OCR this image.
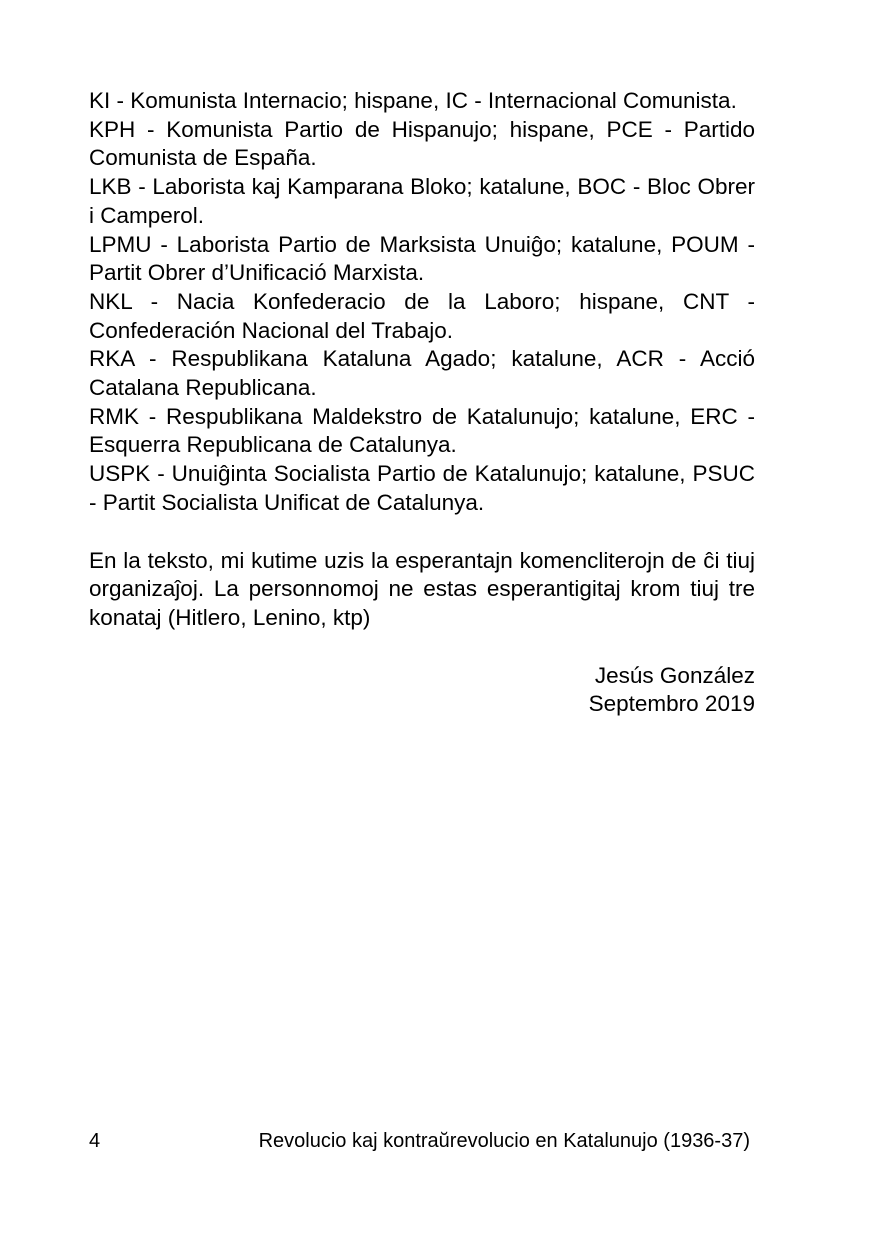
KI - Komunista Internacio; hispane, IC - Internacional Comunista.

KPH - Komunista Partio de Hispanujo; hispane, PCE - Partido Comunista de España.

LKB - Laborista kaj Kamparana Bloko; katalune, BOC - Bloc Obrer i Camperol.

LPMU - Laborista Partio de Marksista Unuiĝo; katalune, POUM - Partit Obrer d’Unificació Marxista.

NKL - Nacia Konfederacio de la Laboro; hispane, CNT - Confederación Nacional del Trabajo.

RKA - Respublikana Kataluna Agado; katalune, ACR - Acció Catalana Republicana.

RMK - Respublikana Maldekstro de Katalunujo; katalune, ERC - Esquerra Republicana de Catalunya.

USPK - Unuiĝinta Socialista Partio de Katalunujo; katalune, PSUC - Partit Socialista Unificat de Catalunya.

En la teksto, mi kutime uzis la esperantajn komencliterojn de ĉi tiuj organizaĵoj. La personnomoj ne estas esperantigitaj krom tiuj tre konataj (Hitlero, Lenino, ktp)

Jesús González
Septembro 2019
4	Revolucio kaj kontraŭrevolucio en Katalunujo (1936-37)
